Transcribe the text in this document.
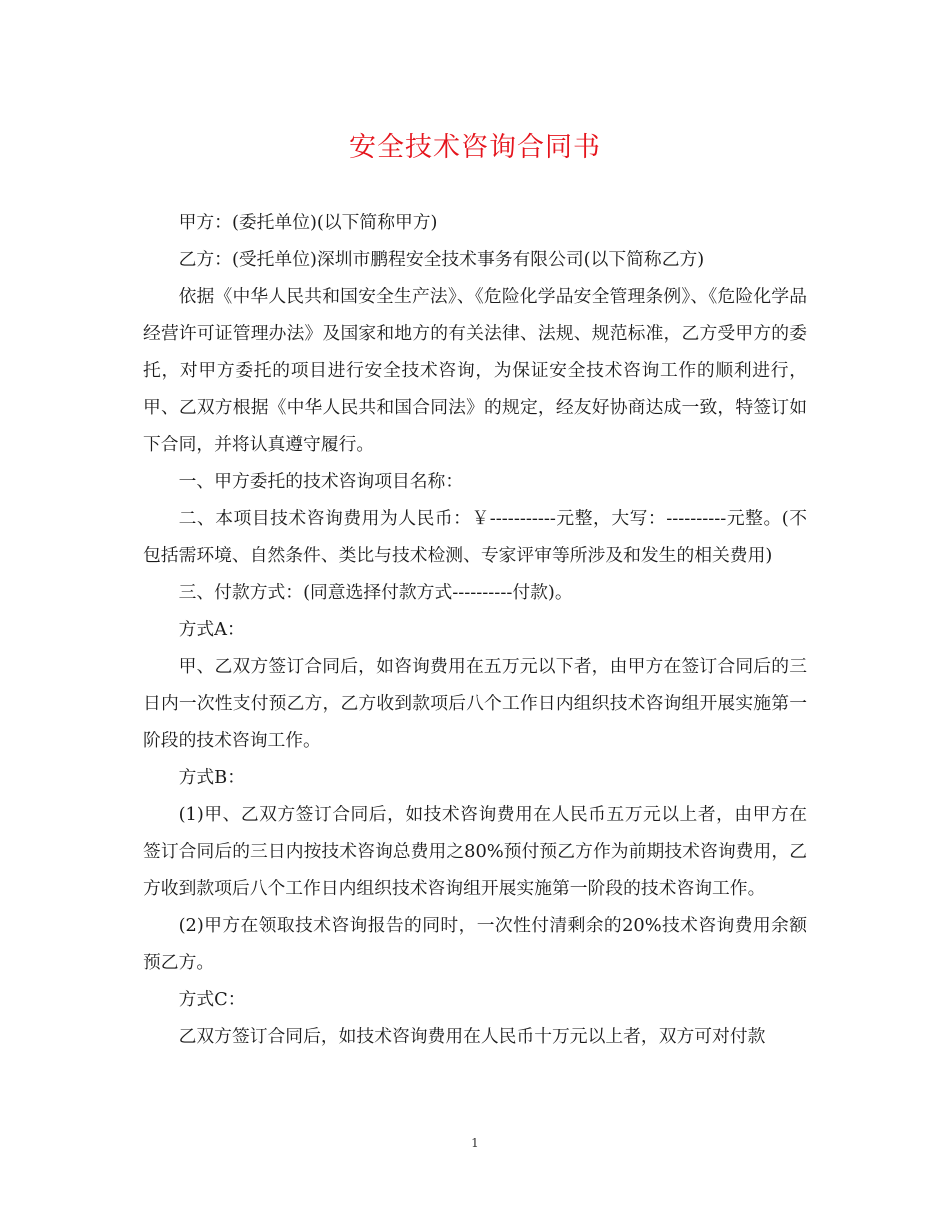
安全技术咨询合同书

甲方：(委托单位)(以下简称甲方)

乙方：(受托单位)深圳市鹏程安全技术事务有限公司(以下简称乙方)

依据《中华人民共和国安全生产法》、《危险化学品安全管理条例》、《危险化学品经营许可证管理办法》及国家和地方的有关法律、法规、规范标准，乙方受甲方的委托，对甲方委托的项目进行安全技术咨询，为保证安全技术咨询工作的顺利进行，甲、乙双方根据《中华人民共和国合同法》的规定，经友好协商达成一致，特签订如下合同，并将认真遵守履行。

一、甲方委托的技术咨询项目名称：

二、本项目技术咨询费用为人民币：￥-----------元整，大写：----------元整。(不包括需环境、自然条件、类比与技术检测、专家评审等所涉及和发生的相关费用)

三、付款方式：(同意选择付款方式----------付款)。

方式A：

甲、乙双方签订合同后，如咨询费用在五万元以下者，由甲方在签订合同后的三日内一次性支付预乙方，乙方收到款项后八个工作日内组织技术咨询组开展实施第一阶段的技术咨询工作。

方式B：

(1)甲、乙双方签订合同后，如技术咨询费用在人民币五万元以上者，由甲方在签订合同后的三日内按技术咨询总费用之80%预付预乙方作为前期技术咨询费用，乙方收到款项后八个工作日内组织技术咨询组开展实施第一阶段的技术咨询工作。

(2)甲方在领取技术咨询报告的同时，一次性付清剩余的20%技术咨询费用余额预乙方。

方式C：

乙双方签订合同后，如技术咨询费用在人民币十万元以上者，双方可对付款

1
